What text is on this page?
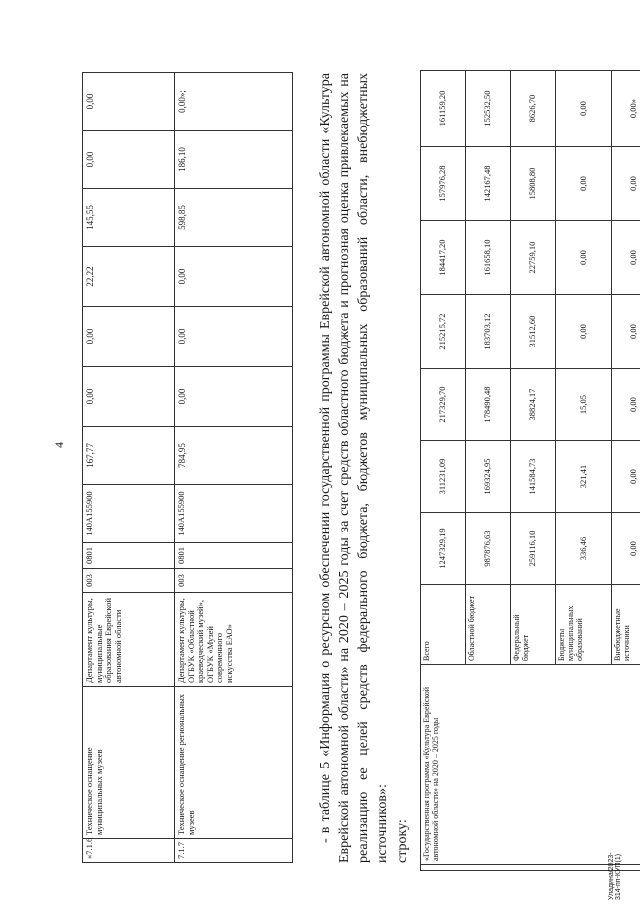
4
«7.1.6	Техническое оснащение муниципальных музеев	Департамент культуры, муниципальные образования Еврейской автономной области	003	0801	140А155900	167,77	0,00	0,00	22,22	145,55	0,00	0,00
7.1.7	Техническое оснащение региональных музеев	Департамент культуры, ОГБУК «Областной краеведческий музей», ОГБУК «Музей современного искусства ЕАО»	003	0801	140А155900	784,95	0,00	0,00	0,00	598,85	186,10	0,00»;	- в таблице 5 «Информация о ресурсном обеспечении государственной программы Еврейской автономной области «Культура Еврейской автономной области» на 2020 – 2025 годы за счет средств областного бюджета и прогнозная оценка привлекаемых на реализацию ее целей средств федерального бюджета, бюджетов муниципальных образований области, внебюджетных источников»: строку:
	«Государственная программа «Культура Еврейской автономной области» на 2020 – 2025 годы	Всего	1247329,19	311231,09	217329,70	215215,72	184417,20	157976,28	161159,20
		Областной бюджет	987876,63	169324,95	178490,48	183703,12	161658,10	142167,48	152532,50
		Федеральный бюджет	259116,10	141584,73	38824,17	31512,60	22759,10	15808,80	8626,70
		Бюджеты муниципальных образований	336,46	321,41	15,05	0,00	0,00	0,00	0,00
		Внебюджетные источники	0,00	0,00	0,00	0,00	0,00	0,00	0,00»
Уладина/2023-314-пп-КУП(1)
